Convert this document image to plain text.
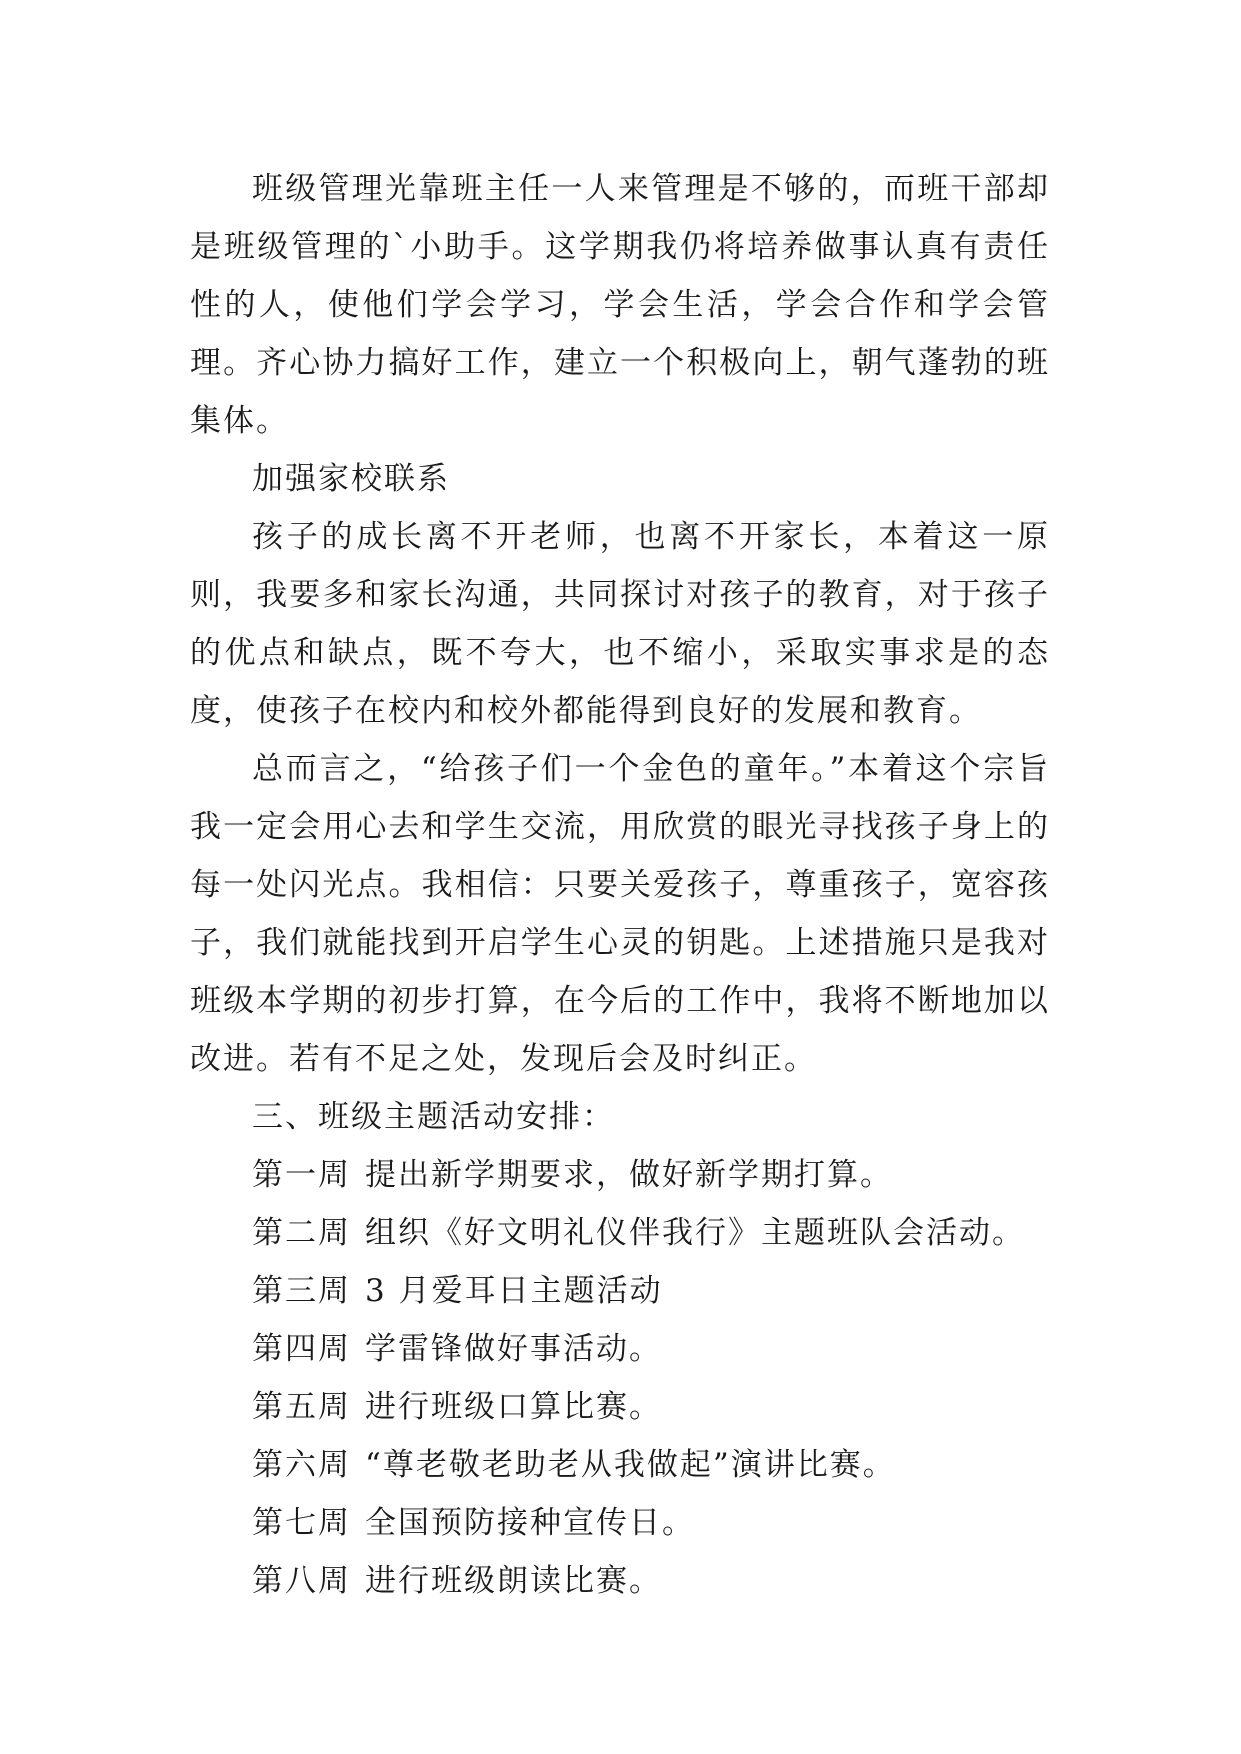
班级管理光靠班主任一人来管理是不够的，而班干部却是班级管理的`小助手。这学期我仍将培养做事认真有责任性的人，使他们学会学习，学会生活，学会合作和学会管理。齐心协力搞好工作，建立一个积极向上，朝气蓬勃的班集体。

加强家校联系

孩子的成长离不开老师，也离不开家长，本着这一原则，我要多和家长沟通，共同探讨对孩子的教育，对于孩子的优点和缺点，既不夸大，也不缩小，采取实事求是的态度，使孩子在校内和校外都能得到良好的发展和教育。

总而言之，“给孩子们一个金色的童年。”本着这个宗旨我一定会用心去和学生交流，用欣赏的眼光寻找孩子身上的每一处闪光点。我相信：只要关爱孩子，尊重孩子，宽容孩子，我们就能找到开启学生心灵的钥匙。上述措施只是我对班级本学期的初步打算，在今后的工作中，我将不断地加以改进。若有不足之处，发现后会及时纠正。

三、班级主题活动安排：

第一周 提出新学期要求，做好新学期打算。

第二周 组织《好文明礼仪伴我行》主题班队会活动。

第三周 3 月爱耳日主题活动

第四周 学雷锋做好事活动。

第五周 进行班级口算比赛。

第六周 “尊老敬老助老从我做起”演讲比赛。

第七周 全国预防接种宣传日。

第八周 进行班级朗读比赛。
